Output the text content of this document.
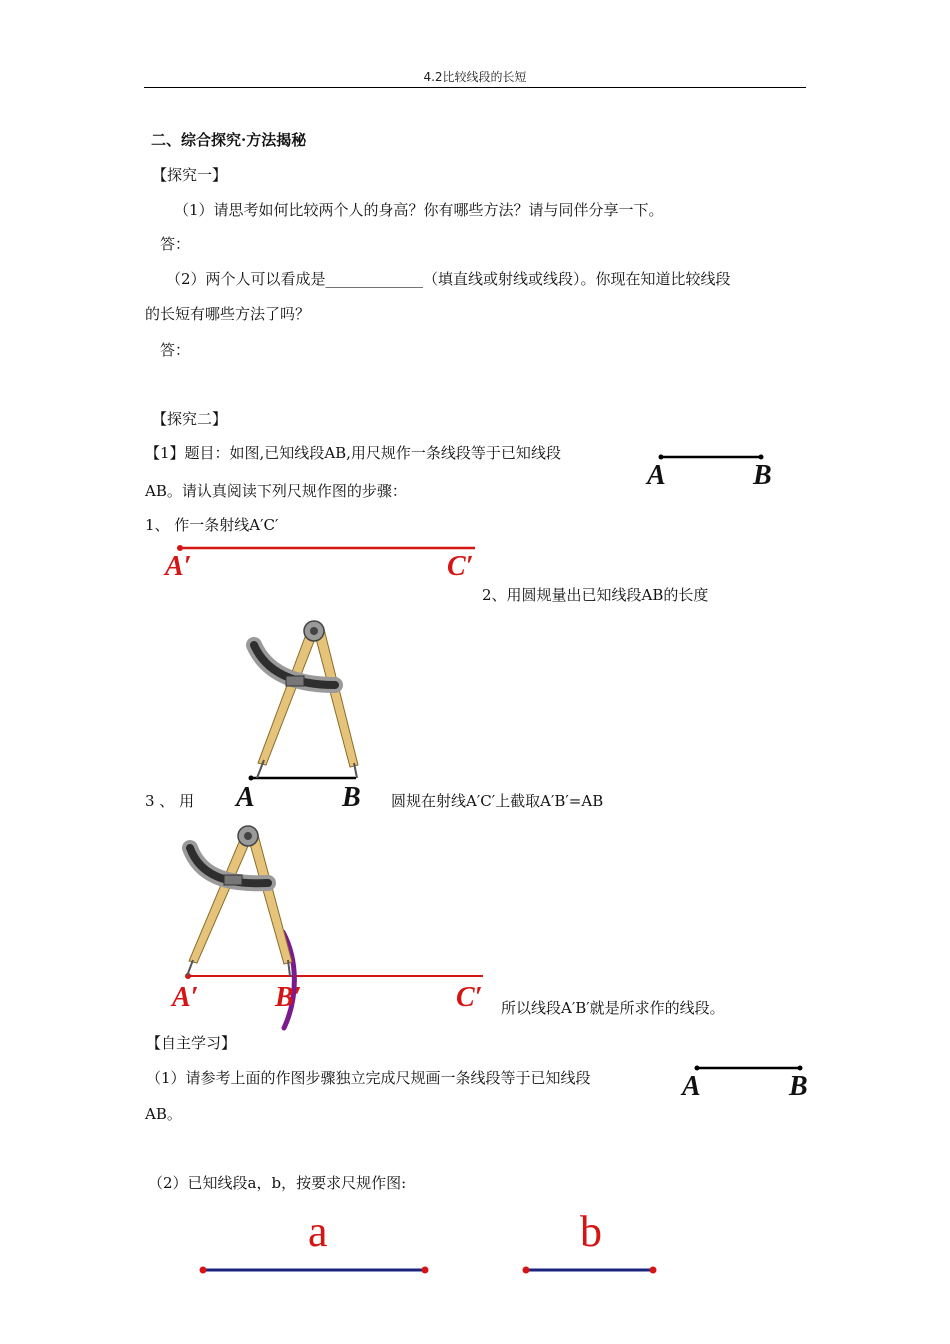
4.2比较线段的长短
二、综合探究·方法揭秘
【探究一】
（1）请思考如何比较两个人的身高？你有哪些方法？请与同伴分享一下。
答：
（2）两个人可以看成是_____________（填直线或射线或线段）。你现在知道比较线段
的长短有哪些方法了吗？
答：
【探究二】
【1】题目：如图,已知线段AB,用尺规作一条线段等于已知线段
AB。请认真阅读下列尺规作图的步骤：	A	B
1、 作一条射线A′C′
A′	C′
2、用圆规量出已知线段AB的长度
A	B
3 、 用	圆规在射线A′C′上截取A′B′=AB
A′	B′	C′ 所以线段A′B′就是所求作的线段。
【自主学习】
（1）请参考上面的作图步骤独立完成尺规画一条线段等于已知线段
AB。
A	B
（2）已知线段a，b，按要求尺规作图:
a	b
